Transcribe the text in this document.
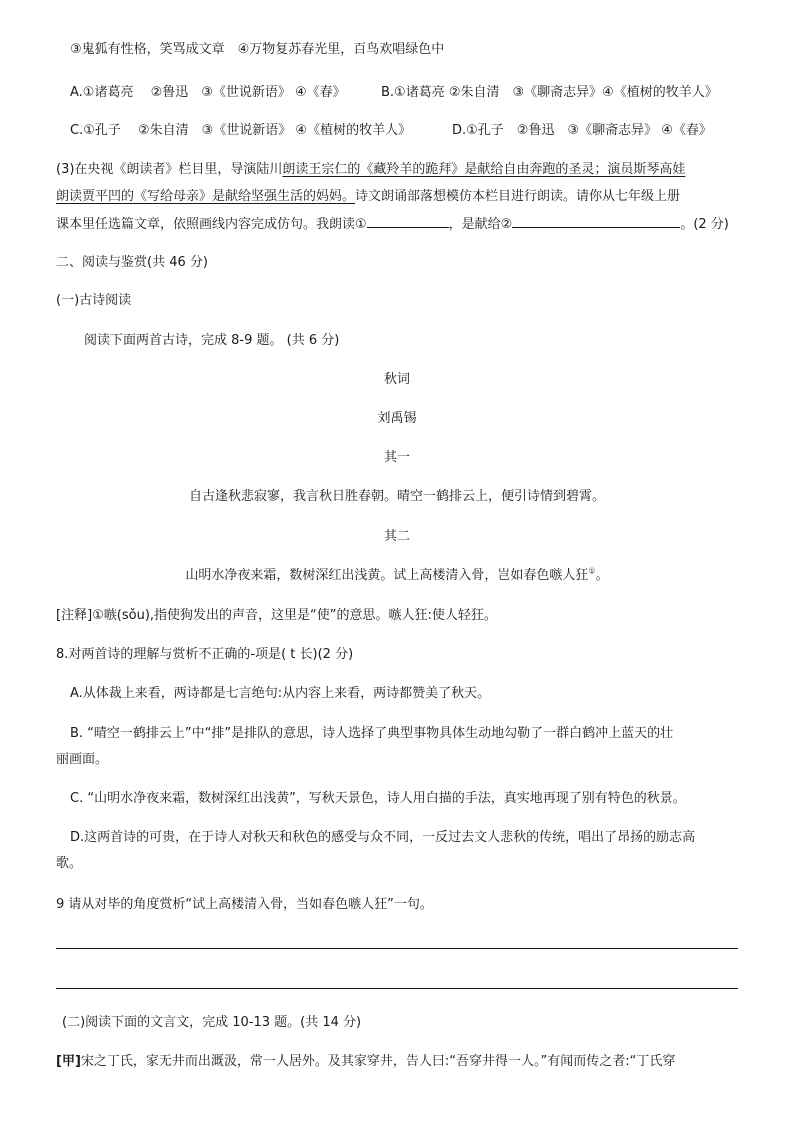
③鬼狐有性格，笑骂成文章　④万物复苏春光里，百鸟欢唱绿色中
A.①诸葛亮　 ②鲁迅　③《世说新语》 ④《春》	B.①诸葛亮 ②朱自清　③《聊斋志异》④《植树的牧羊人》
C.①孔子　 ②朱自清　③《世说新语》 ④《植树的牧羊人》	D.①孔子　②鲁迅　③《聊斋志异》 ④《春》
(3)在央视《朗读者》栏目里，导演陆川朗读王宗仁的《藏羚羊的跪拜》是献给自由奔跑的圣灵；演员斯琴高娃
朗读贾平凹的《写给母亲》是献给坚强生活的妈妈。诗文朗诵部落想模仿本栏目进行朗读。请你从七年级上册
课本里任选篇文章，依照画线内容完成仿句。我朗读①	，是献给②	。(2 分)
二、阅读与鉴赏(共 46 分)
(一)古诗阅读
阅读下面两首古诗，完成 8-9 题。 (共 6 分)
秋词
刘禹锡
其一
自古逢秋悲寂寥，我言秋日胜春朝。晴空一鹤排云上，便引诗情到碧霄。
其二
山明水净夜来霜，数树深红出浅黄。试上高楼清入骨，岂如春色嗾人狂①。
[注释]①嗾(sǒu),指使狗发出的声音，这里是“使”的意思。嗾人狂:使人轻狂。
8.对两首诗的理解与赏析不正确的-项是( t 长)(2 分)
A.从体裁上来看，两诗都是七言绝句:从内容上来看，两诗都赞美了秋天。
B. “晴空一鹤排云上”中“排”是排队的意思，诗人选择了典型事物具体生动地勾勒了一群白鹤冲上蓝天的壮
丽画面。
C. “山明水净夜来霜，数树深红出浅黄”，写秋天景色，诗人用白描的手法，真实地再现了别有特色的秋景。
D.这两首诗的可贵，在于诗人对秋天和秋色的感受与众不同，一反过去文人悲秋的传统，唱出了昂扬的励志高
歌。
9 请从对毕的角度赏析“试上高楼清入骨，当如春色嗾人狂”一句。
(二)阅读下面的文言文，完成 10-13 题。(共 14 分)
[甲]宋之丁氏，家无井而出溉汲，常一人居外。及其家穿井，告人曰:“吾穿井得一人。”有闻而传之者:“丁氏穿
